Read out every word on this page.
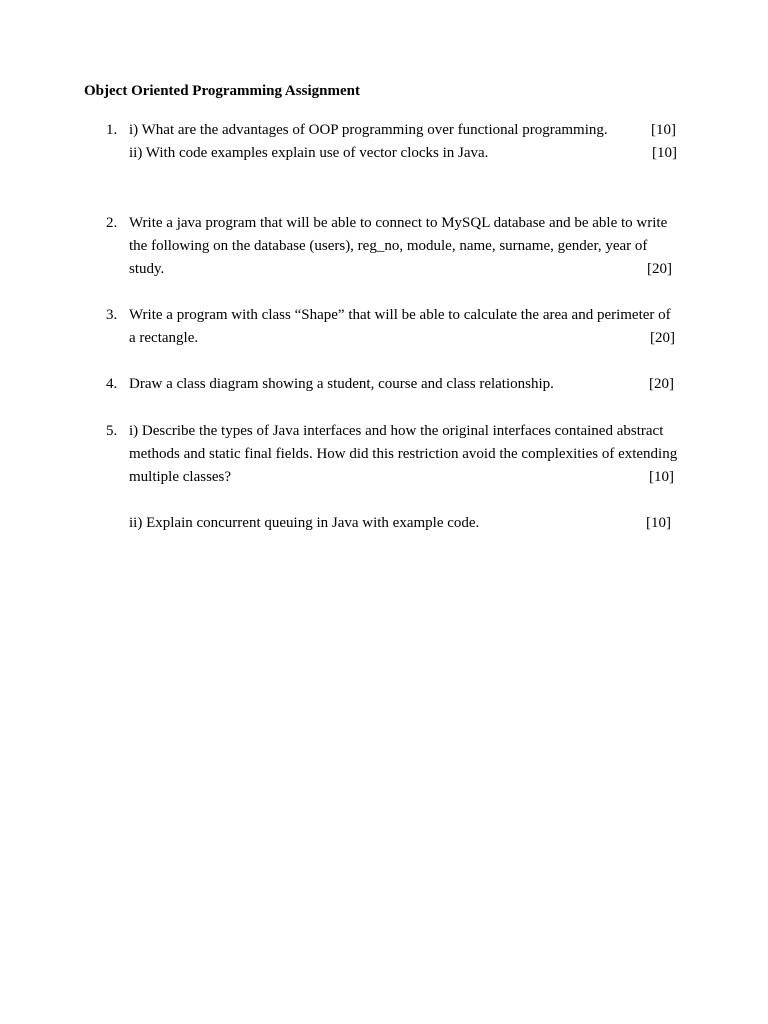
Object Oriented Programming Assignment
1. i) What are the advantages of OOP programming over functional programming.	[10]
ii) With code examples explain use of vector clocks in Java.	[10]
2. Write a java program that will be able to connect to MySQL database and be able to write
the following on the database (users), reg_no, module, name, surname, gender, year of
study.	[20]
3. Write a program with class “Shape” that will be able to calculate the area and perimeter of
a rectangle.	[20]
4. Draw a class diagram showing a student, course and class relationship.	[20]
5. i) Describe the types of Java interfaces and how the original interfaces contained abstract
methods and static final fields. How did this restriction avoid the complexities of extending
multiple classes?	[10]
ii) Explain concurrent queuing in Java with example code.	[10]
